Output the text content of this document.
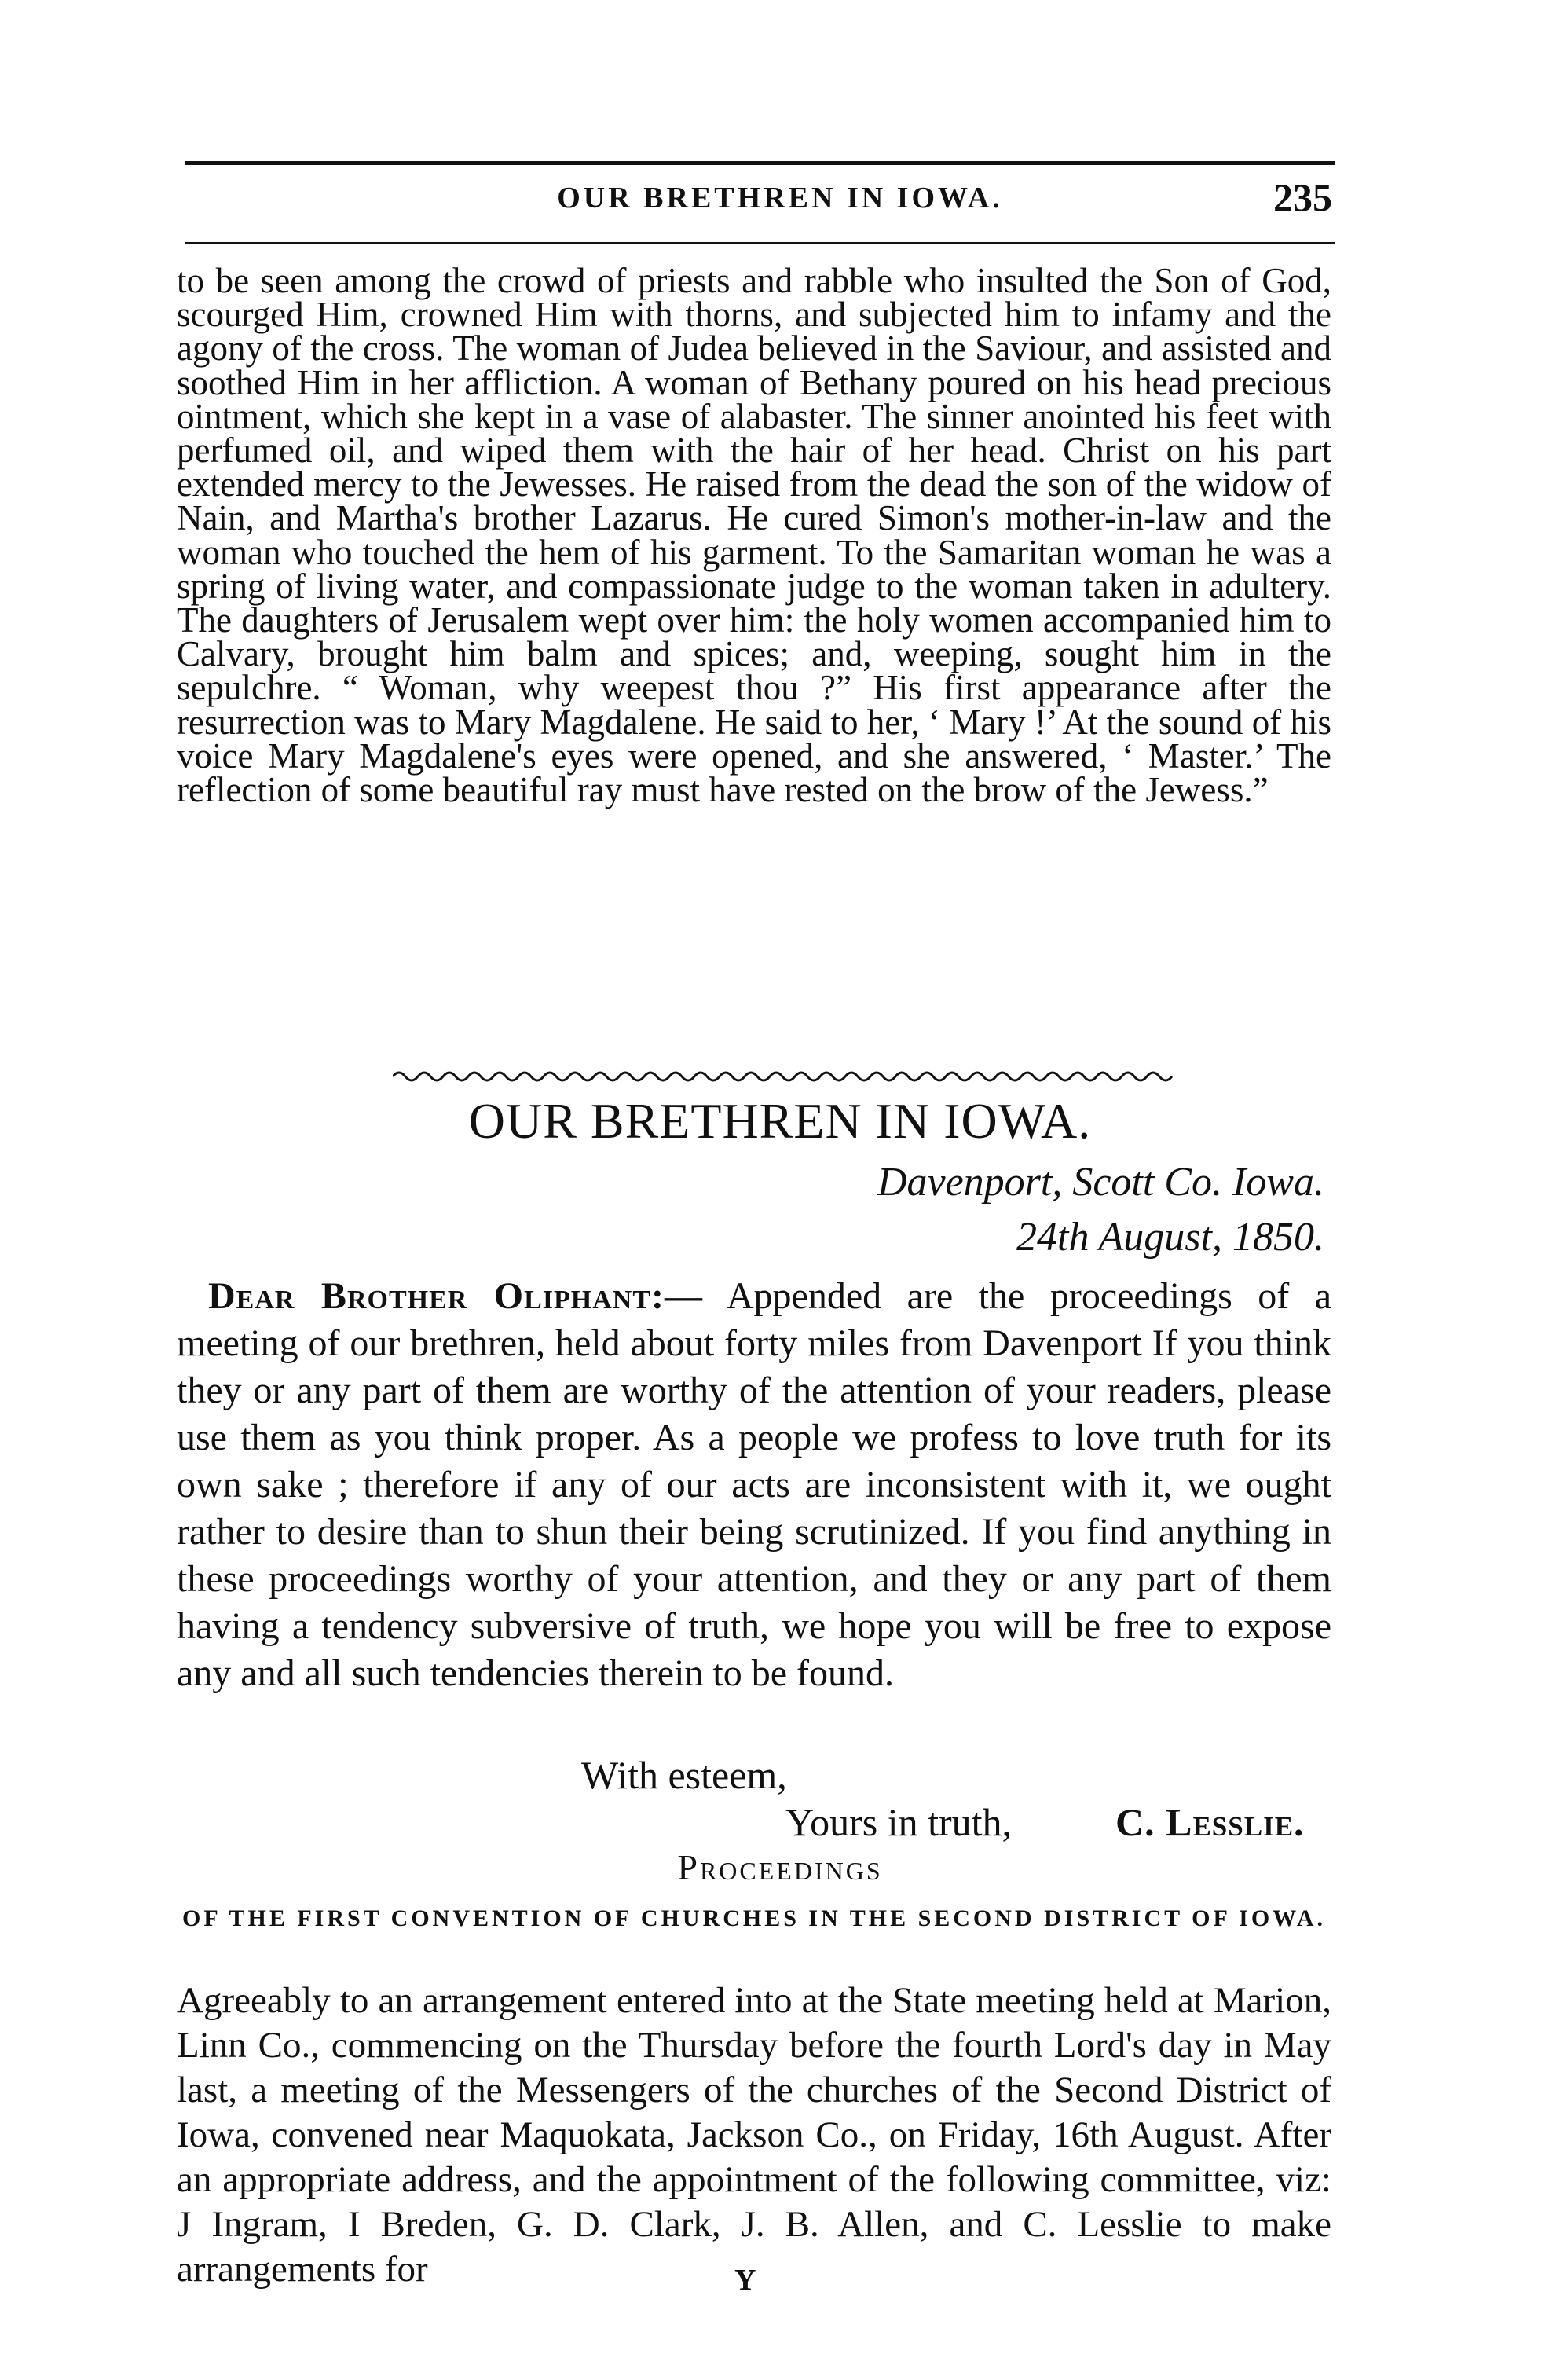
OUR BRETHREN IN IOWA.	235

to be seen among the crowd of priests and rabble who insulted the Son of God, scourged Him, crowned Him with thorns, and subjected him to infamy and the agony of the cross. The woman of Judea believed in the Saviour, and assisted and soothed Him in her affliction. A woman of Bethany poured on his head precious ointment, which she kept in a vase of alabaster. The sinner anointed his feet with perfumed oil, and wiped them with the hair of her head. Christ on his part extended mercy to the Jewesses. He raised from the dead the son of the widow of Nain, and Martha's brother Lazarus. He cured Simon's mother-in-law and the woman who touched the hem of his garment. To the Samaritan woman he was a spring of living water, and compassionate judge to the woman taken in adultery. The daughters of Jerusalem wept over him: the holy women accompanied him to Calvary, brought him balm and spices; and, weeping, sought him in the sepulchre. “ Woman, why weepest thou ?” His first appearance after the resurrection was to Mary Magdalene. He said to her, ‘ Mary !’ At the sound of his voice Mary Magdalene's eyes were opened, and she answered, ‘ Master.’ The reflection of some beautiful ray must have rested on the brow of the Jewess.”

OUR BRETHREN IN IOWA.
Davenport, Scott Co. Iowa.
24th August, 1850.

Dear Brother Oliphant:— Appended are the proceedings of a meeting of our brethren, held about forty miles from Davenport If you think they or any part of them are worthy of the attention of your readers, please use them as you think proper. As a people we profess to love truth for its own sake ; therefore if any of our acts are inconsistent with it, we ought rather to desire than to shun their being scrutinized. If you find anything in these proceedings worthy of your attention, and they or any part of them having a tendency subversive of truth, we hope you will be free to expose any and all such tendencies therein to be found.

With esteem,
Yours in truth,	C. Lesslie.
Proceedings
OF THE FIRST CONVENTION OF CHURCHES IN THE SECOND DISTRICT OF IOWA.

Agreeably to an arrangement entered into at the State meeting held at Marion, Linn Co., commencing on the Thursday before the fourth Lord's day in May last, a meeting of the Messengers of the churches of the Second District of Iowa, convened near Maquokata, Jackson Co., on Friday, 16th August. After an appropriate address, and the appointment of the following committee, viz: J Ingram, I Breden, G. D. Clark, J. B. Allen, and C. Lesslie to make arrangements for	Y
